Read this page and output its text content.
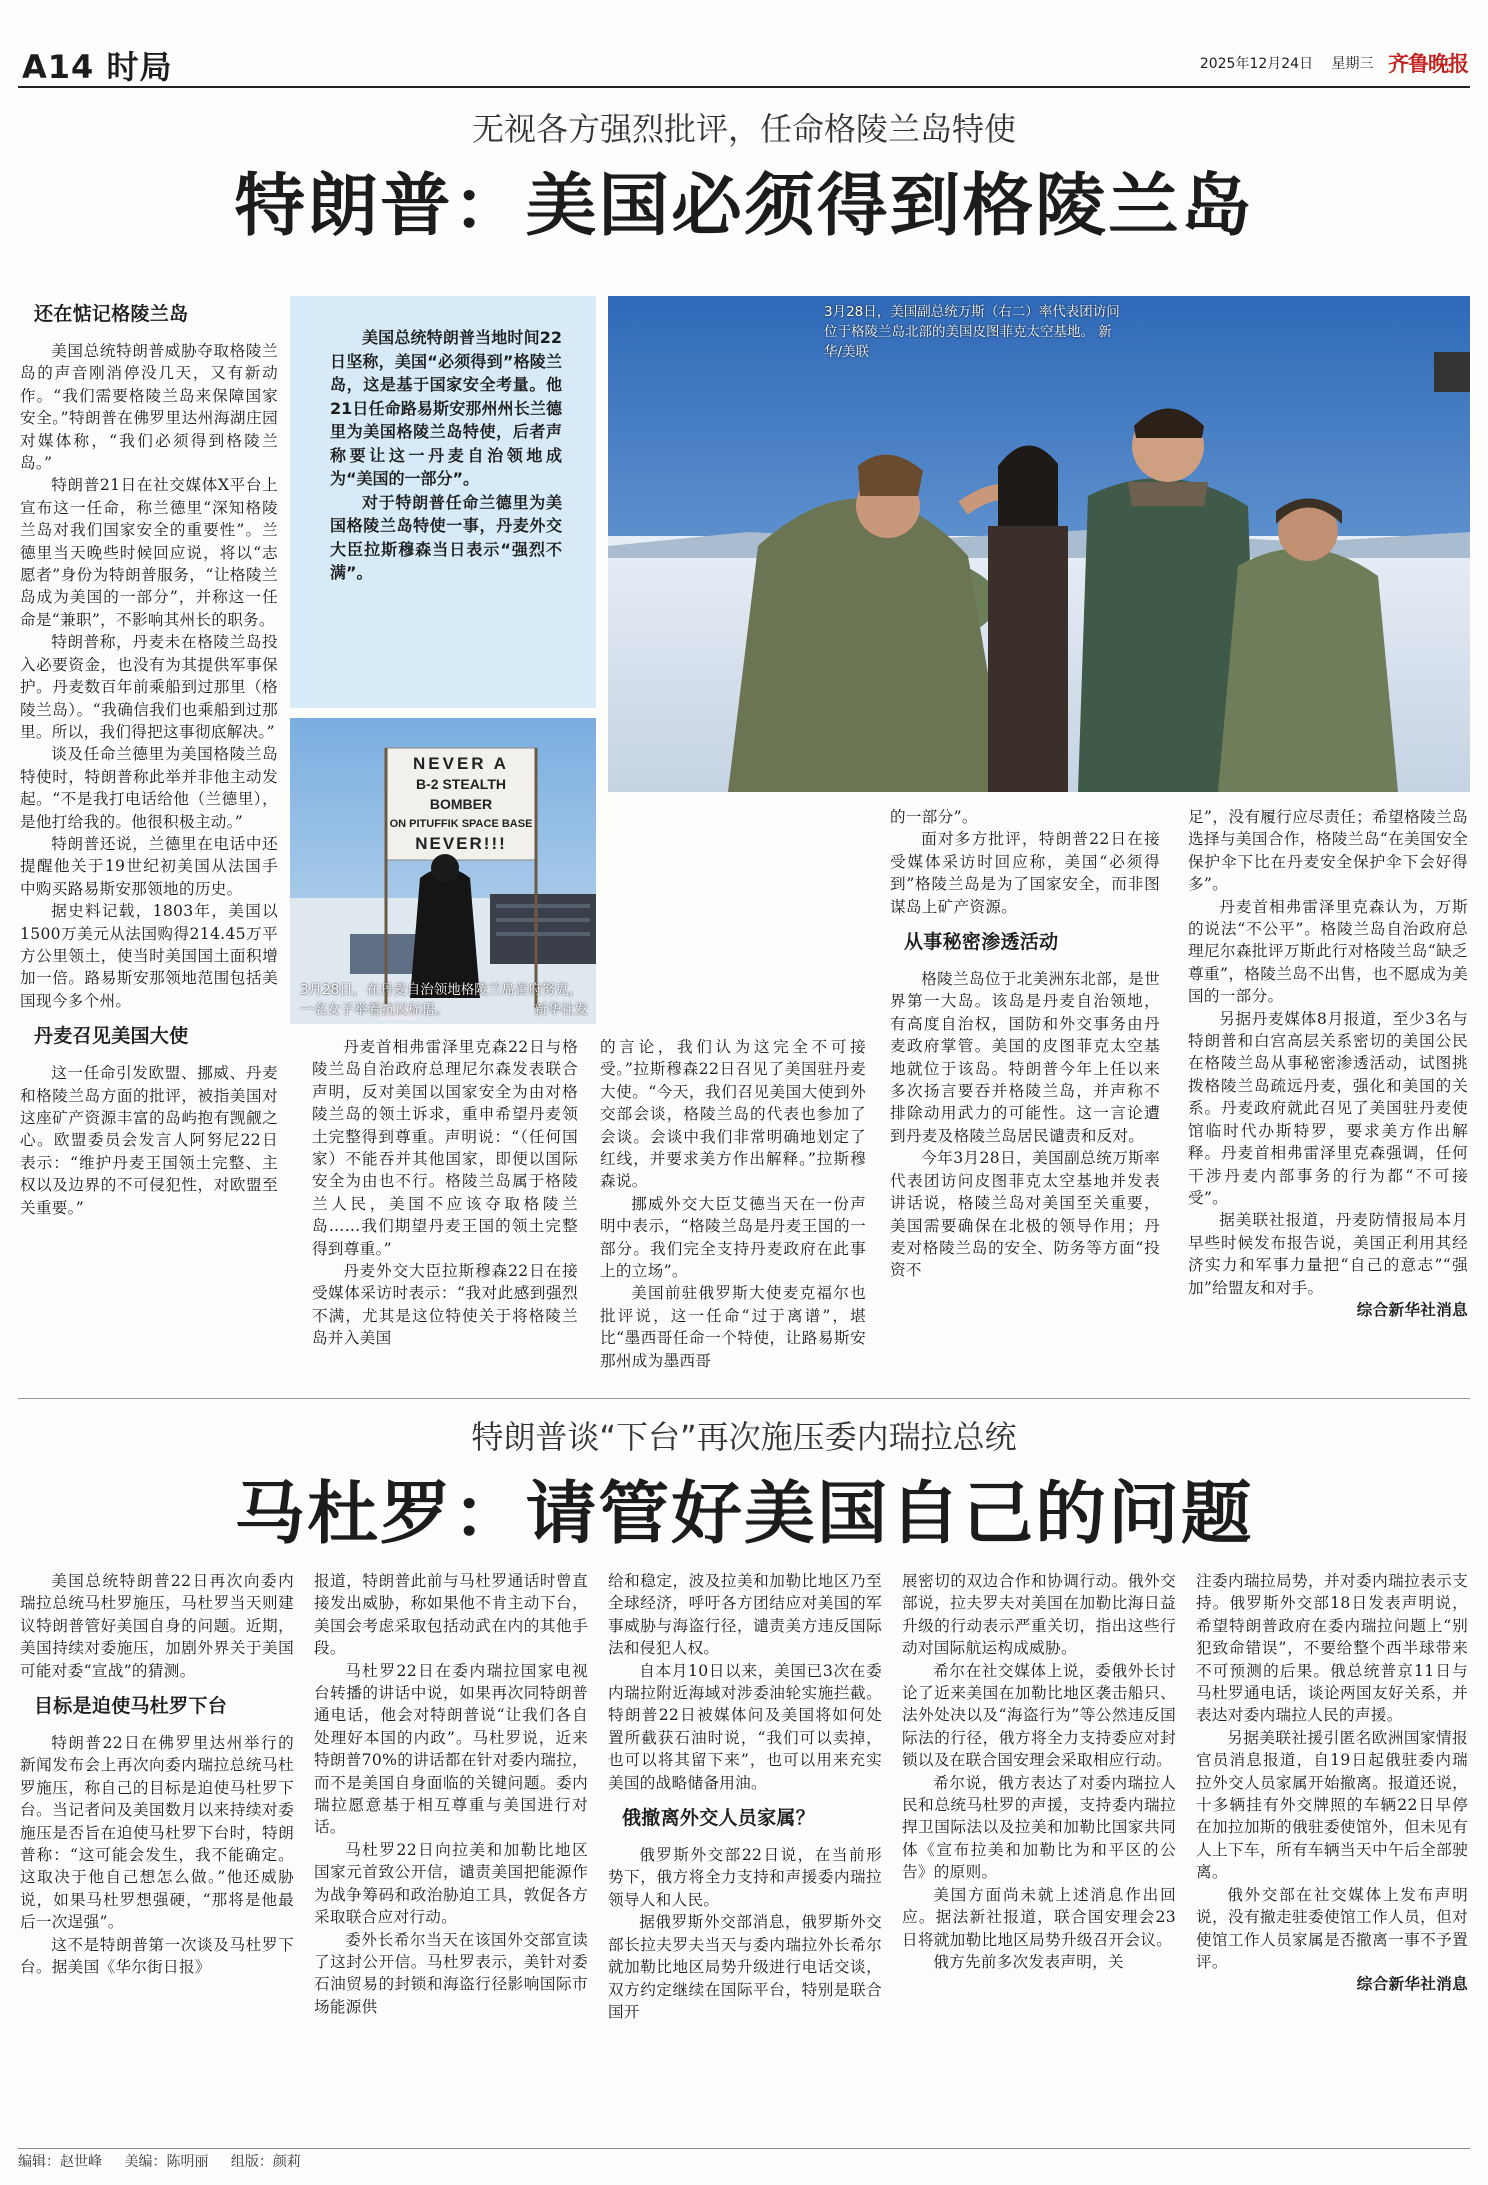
A14 时局	2025年12月24日 星期三 齐鲁晚报
无视各方强烈批评，任命格陵兰岛特使
特朗普：美国必须得到格陵兰岛

还在惦记格陵兰岛

美国总统特朗普威胁夺取格陵兰岛的声音刚消停没几天，又有新动作。“我们需要格陵兰岛来保障国家安全。”特朗普在佛罗里达州海湖庄园对媒体称，“我们必须得到格陵兰岛。”

特朗普21日在社交媒体X平台上宣布这一任命，称兰德里“深知格陵兰岛对我们国家安全的重要性”。兰德里当天晚些时候回应说，将以“志愿者”身份为特朗普服务，“让格陵兰岛成为美国的一部分”，并称这一任命是“兼职”，不影响其州长的职务。

特朗普称，丹麦未在格陵兰岛投入必要资金，也没有为其提供军事保护。丹麦数百年前乘船到过那里（格陵兰岛）。“我确信我们也乘船到过那里。所以，我们得把这事彻底解决。”

谈及任命兰德里为美国格陵兰岛特使时，特朗普称此举并非他主动发起。“不是我打电话给他（兰德里），是他打给我的。他很积极主动。”

特朗普还说，兰德里在电话中还提醒他关于19世纪初美国从法国手中购买路易斯安那领地的历史。

据史料记载，1803年，美国以1500万美元从法国购得214.45万平方公里领土，使当时美国国土面积增加一倍。路易斯安那领地范围包括美国现今多个州。

丹麦召见美国大使

这一任命引发欧盟、挪威、丹麦和格陵兰岛方面的批评，被指美国对这座矿产资源丰富的岛屿抱有觊觎之心。欧盟委员会发言人阿努尼22日表示：“维护丹麦王国领土完整、主权以及边界的不可侵犯性，对欧盟至关重要。”

美国总统特朗普当地时间22日坚称，美国“必须得到”格陵兰岛，这是基于国家安全考量。他21日任命路易斯安那州州长兰德里为美国格陵兰岛特使，后者声称要让这一丹麦自治领地成为“美国的一部分”。

对于特朗普任命兰德里为美国格陵兰岛特使一事，丹麦外交大臣拉斯穆森当日表示“强烈不满”。

3月28日，美国副总统万斯（右二）率代表团访问位于格陵兰岛北部的美国皮图菲克太空基地。 新华/美联
NEVER A
B-2 STEALTH BOMBER
ON PITUFFIK SPACE BASE
NEVER!!!
3月28日，在丹麦自治领地格陵兰岛首府努克，一名女子举着抗议标语。	新华社发

丹麦首相弗雷泽里克森22日与格陵兰岛自治政府总理尼尔森发表联合声明，反对美国以国家安全为由对格陵兰岛的领土诉求，重申希望丹麦领土完整得到尊重。声明说：“（任何国家）不能吞并其他国家，即便以国际安全为由也不行。格陵兰岛属于格陵兰人民，美国不应该夺取格陵兰岛……我们期望丹麦王国的领土完整得到尊重。”

丹麦外交大臣拉斯穆森22日在接受媒体采访时表示：“我对此感到强烈不满，尤其是这位特使关于将格陵兰岛并入美国

的言论，我们认为这完全不可接受。”拉斯穆森22日召见了美国驻丹麦大使。“今天，我们召见美国大使到外交部会谈，格陵兰岛的代表也参加了会谈。会谈中我们非常明确地划定了红线，并要求美方作出解释。”拉斯穆森说。

挪威外交大臣艾德当天在一份声明中表示，“格陵兰岛是丹麦王国的一部分。我们完全支持丹麦政府在此事上的立场”。

美国前驻俄罗斯大使麦克福尔也批评说，这一任命“过于离谱”，堪比“墨西哥任命一个特使，让路易斯安那州成为墨西哥

的一部分”。

面对多方批评，特朗普22日在接受媒体采访时回应称，美国“必须得到”格陵兰岛是为了国家安全，而非图谋岛上矿产资源。

从事秘密渗透活动

格陵兰岛位于北美洲东北部，是世界第一大岛。该岛是丹麦自治领地，有高度自治权，国防和外交事务由丹麦政府掌管。美国的皮图菲克太空基地就位于该岛。特朗普今年上任以来多次扬言要吞并格陵兰岛，并声称不排除动用武力的可能性。这一言论遭到丹麦及格陵兰岛居民谴责和反对。

今年3月28日，美国副总统万斯率代表团访问皮图菲克太空基地并发表讲话说，格陵兰岛对美国至关重要，美国需要确保在北极的领导作用；丹麦对格陵兰岛的安全、防务等方面“投资不

足”，没有履行应尽责任；希望格陵兰岛选择与美国合作，格陵兰岛“在美国安全保护伞下比在丹麦安全保护伞下会好得多”。

丹麦首相弗雷泽里克森认为，万斯的说法“不公平”。格陵兰岛自治政府总理尼尔森批评万斯此行对格陵兰岛“缺乏尊重”，格陵兰岛不出售，也不愿成为美国的一部分。

另据丹麦媒体8月报道，至少3名与特朗普和白宫高层关系密切的美国公民在格陵兰岛从事秘密渗透活动，试图挑拨格陵兰岛疏远丹麦，强化和美国的关系。丹麦政府就此召见了美国驻丹麦使馆临时代办斯特罗，要求美方作出解释。丹麦首相弗雷泽里克森强调，任何干涉丹麦内部事务的行为都“不可接受”。

据美联社报道，丹麦防情报局本月早些时候发布报告说，美国正利用其经济实力和军事力量把“自己的意志”“强加”给盟友和对手。

综合新华社消息

特朗普谈“下台”再次施压委内瑞拉总统
马杜罗：请管好美国自己的问题

美国总统特朗普22日再次向委内瑞拉总统马杜罗施压，马杜罗当天则建议特朗普管好美国自身的问题。近期，美国持续对委施压，加剧外界关于美国可能对委“宣战”的猜测。

目标是迫使马杜罗下台

特朗普22日在佛罗里达州举行的新闻发布会上再次向委内瑞拉总统马杜罗施压，称自己的目标是迫使马杜罗下台。当记者问及美国数月以来持续对委施压是否旨在迫使马杜罗下台时，特朗普称：“这可能会发生，我不能确定。这取决于他自己想怎么做。”他还威胁说，如果马杜罗想强硬，“那将是他最后一次逞强”。

这不是特朗普第一次谈及马杜罗下台。据美国《华尔街日报》

报道，特朗普此前与马杜罗通话时曾直接发出威胁，称如果他不肯主动下台，美国会考虑采取包括动武在内的其他手段。

马杜罗22日在委内瑞拉国家电视台转播的讲话中说，如果再次同特朗普通电话，他会对特朗普说“让我们各自处理好本国的内政”。马杜罗说，近来特朗普70%的讲话都在针对委内瑞拉，而不是美国自身面临的关键问题。委内瑞拉愿意基于相互尊重与美国进行对话。

马杜罗22日向拉美和加勒比地区国家元首致公开信，谴责美国把能源作为战争筹码和政治胁迫工具，敦促各方采取联合应对行动。

委外长希尔当天在该国外交部宣读了这封公开信。马杜罗表示，美针对委石油贸易的封锁和海盗行径影响国际市场能源供

给和稳定，波及拉美和加勒比地区乃至全球经济，呼吁各方团结应对美国的军事威胁与海盗行径，谴责美方违反国际法和侵犯人权。

自本月10日以来，美国已3次在委内瑞拉附近海域对涉委油轮实施拦截。特朗普22日被媒体问及美国将如何处置所截获石油时说，“我们可以卖掉，也可以将其留下来”，也可以用来充实美国的战略储备用油。

俄撤离外交人员家属？

俄罗斯外交部22日说，在当前形势下，俄方将全力支持和声援委内瑞拉领导人和人民。

据俄罗斯外交部消息，俄罗斯外交部长拉夫罗夫当天与委内瑞拉外长希尔就加勒比地区局势升级进行电话交谈，双方约定继续在国际平台，特别是联合国开

展密切的双边合作和协调行动。俄外交部说，拉夫罗夫对美国在加勒比海日益升级的行动表示严重关切，指出这些行动对国际航运构成威胁。

希尔在社交媒体上说，委俄外长讨论了近来美国在加勒比地区袭击船只、法外处决以及“海盗行为”等公然违反国际法的行径，俄方将全力支持委应对封锁以及在联合国安理会采取相应行动。

希尔说，俄方表达了对委内瑞拉人民和总统马杜罗的声援，支持委内瑞拉捍卫国际法以及拉美和加勒比国家共同体《宣布拉美和加勒比为和平区的公告》的原则。

美国方面尚未就上述消息作出回应。据法新社报道，联合国安理会23日将就加勒比地区局势升级召开会议。

俄方先前多次发表声明，关

注委内瑞拉局势，并对委内瑞拉表示支持。俄罗斯外交部18日发表声明说，希望特朗普政府在委内瑞拉问题上“别犯致命错误”，不要给整个西半球带来不可预测的后果。俄总统普京11日与马杜罗通电话，谈论两国友好关系，并表达对委内瑞拉人民的声援。

另据美联社援引匿名欧洲国家情报官员消息报道，自19日起俄驻委内瑞拉外交人员家属开始撤离。报道还说，十多辆挂有外交牌照的车辆22日早停在加拉加斯的俄驻委使馆外，但未见有人上下车，所有车辆当天中午后全部驶离。

俄外交部在社交媒体上发布声明说，没有撤走驻委使馆工作人员，但对使馆工作人员家属是否撤离一事不予置评。

综合新华社消息

编辑：赵世峰 美编：陈明丽 组版：颜莉
